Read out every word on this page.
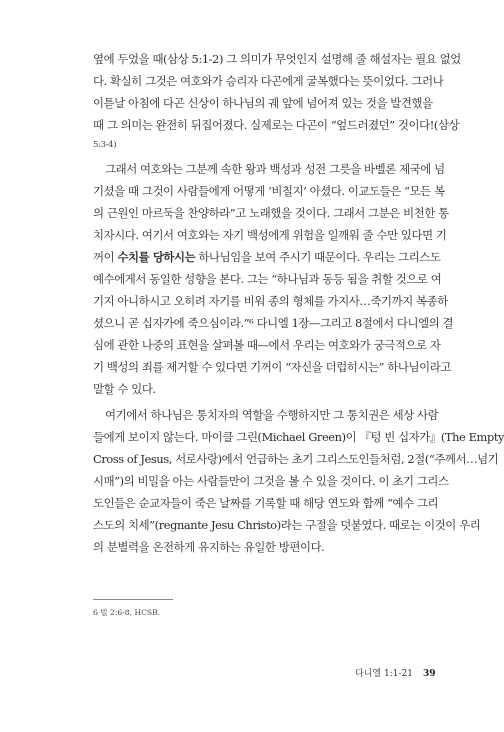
옆에 두었을 때(삼상 5:1-2) 그 의미가 무엇인지 설명해 줄 해설자는 필요 없었
다. 확실히 그것은 여호와가 승리자 다곤에게 굴복했다는 뜻이었다. 그러나
이튿날 아침에 다곤 신상이 하나님의 궤 앞에 넘어져 있는 것을 발견했을
때 그 의미는 완전히 뒤집어졌다. 실제로는 다곤이 “엎드러졌던” 것이다!(삼상
5:3-4)
그래서 여호와는 그분께 속한 왕과 백성과 성전 그릇을 바벨론 제국에 넘
기셨을 때 그것이 사람들에게 어떻게 ‘비칠지’ 아셨다. 이교도들은 “모든 복
의 근원인 마르둑을 찬양하라”고 노래했을 것이다. 그래서 그분은 비천한 통
치자시다. 여기서 여호와는 자기 백성에게 위험을 일깨워 줄 수만 있다면 기
꺼이 수치를 당하시는 하나님임을 보여 주시기 때문이다. 우리는 그리스도
예수에게서 동일한 성향을 본다. 그는 “하나님과 동등 됨을 취할 것으로 여
기지 아니하시고 오히려 자기를 비워 종의 형체를 가지사…죽기까지 복종하
셨으니 곧 십자가에 죽으심이라.”⁶ 다니엘 1장—그리고 8절에서 다니엘의 결
심에 관한 나중의 표현을 살펴볼 때—에서 우리는 여호와가 궁극적으로 자
기 백성의 죄를 제거할 수 있다면 기꺼이 “자신을 더럽히시는” 하나님이라고
말할 수 있다.
여기에서 하나님은 통치자의 역할을 수행하지만 그 통치권은 세상 사람
들에게 보이지 않는다. 마이클 그린(Michael Green)이 『텅 빈 십자가』(The Empty
Cross of Jesus, 서로사랑)에서 언급하는 초기 그리스도인들처럼, 2절(“주께서…넘기
시매”)의 비밀을 아는 사람들만이 그것을 볼 수 있을 것이다. 이 초기 그리스
도인들은 순교자들이 죽은 날짜를 기록할 때 해당 연도와 함께 “예수 그리
스도의 치세”(regnante Jesu Christo)라는 구절을 덧붙였다. 때로는 이것이 우리
의 분별력을 온전하게 유지하는 유일한 방편이다.
6 빌 2:6-8, HCSB.
다니엘 1:1-21 39
